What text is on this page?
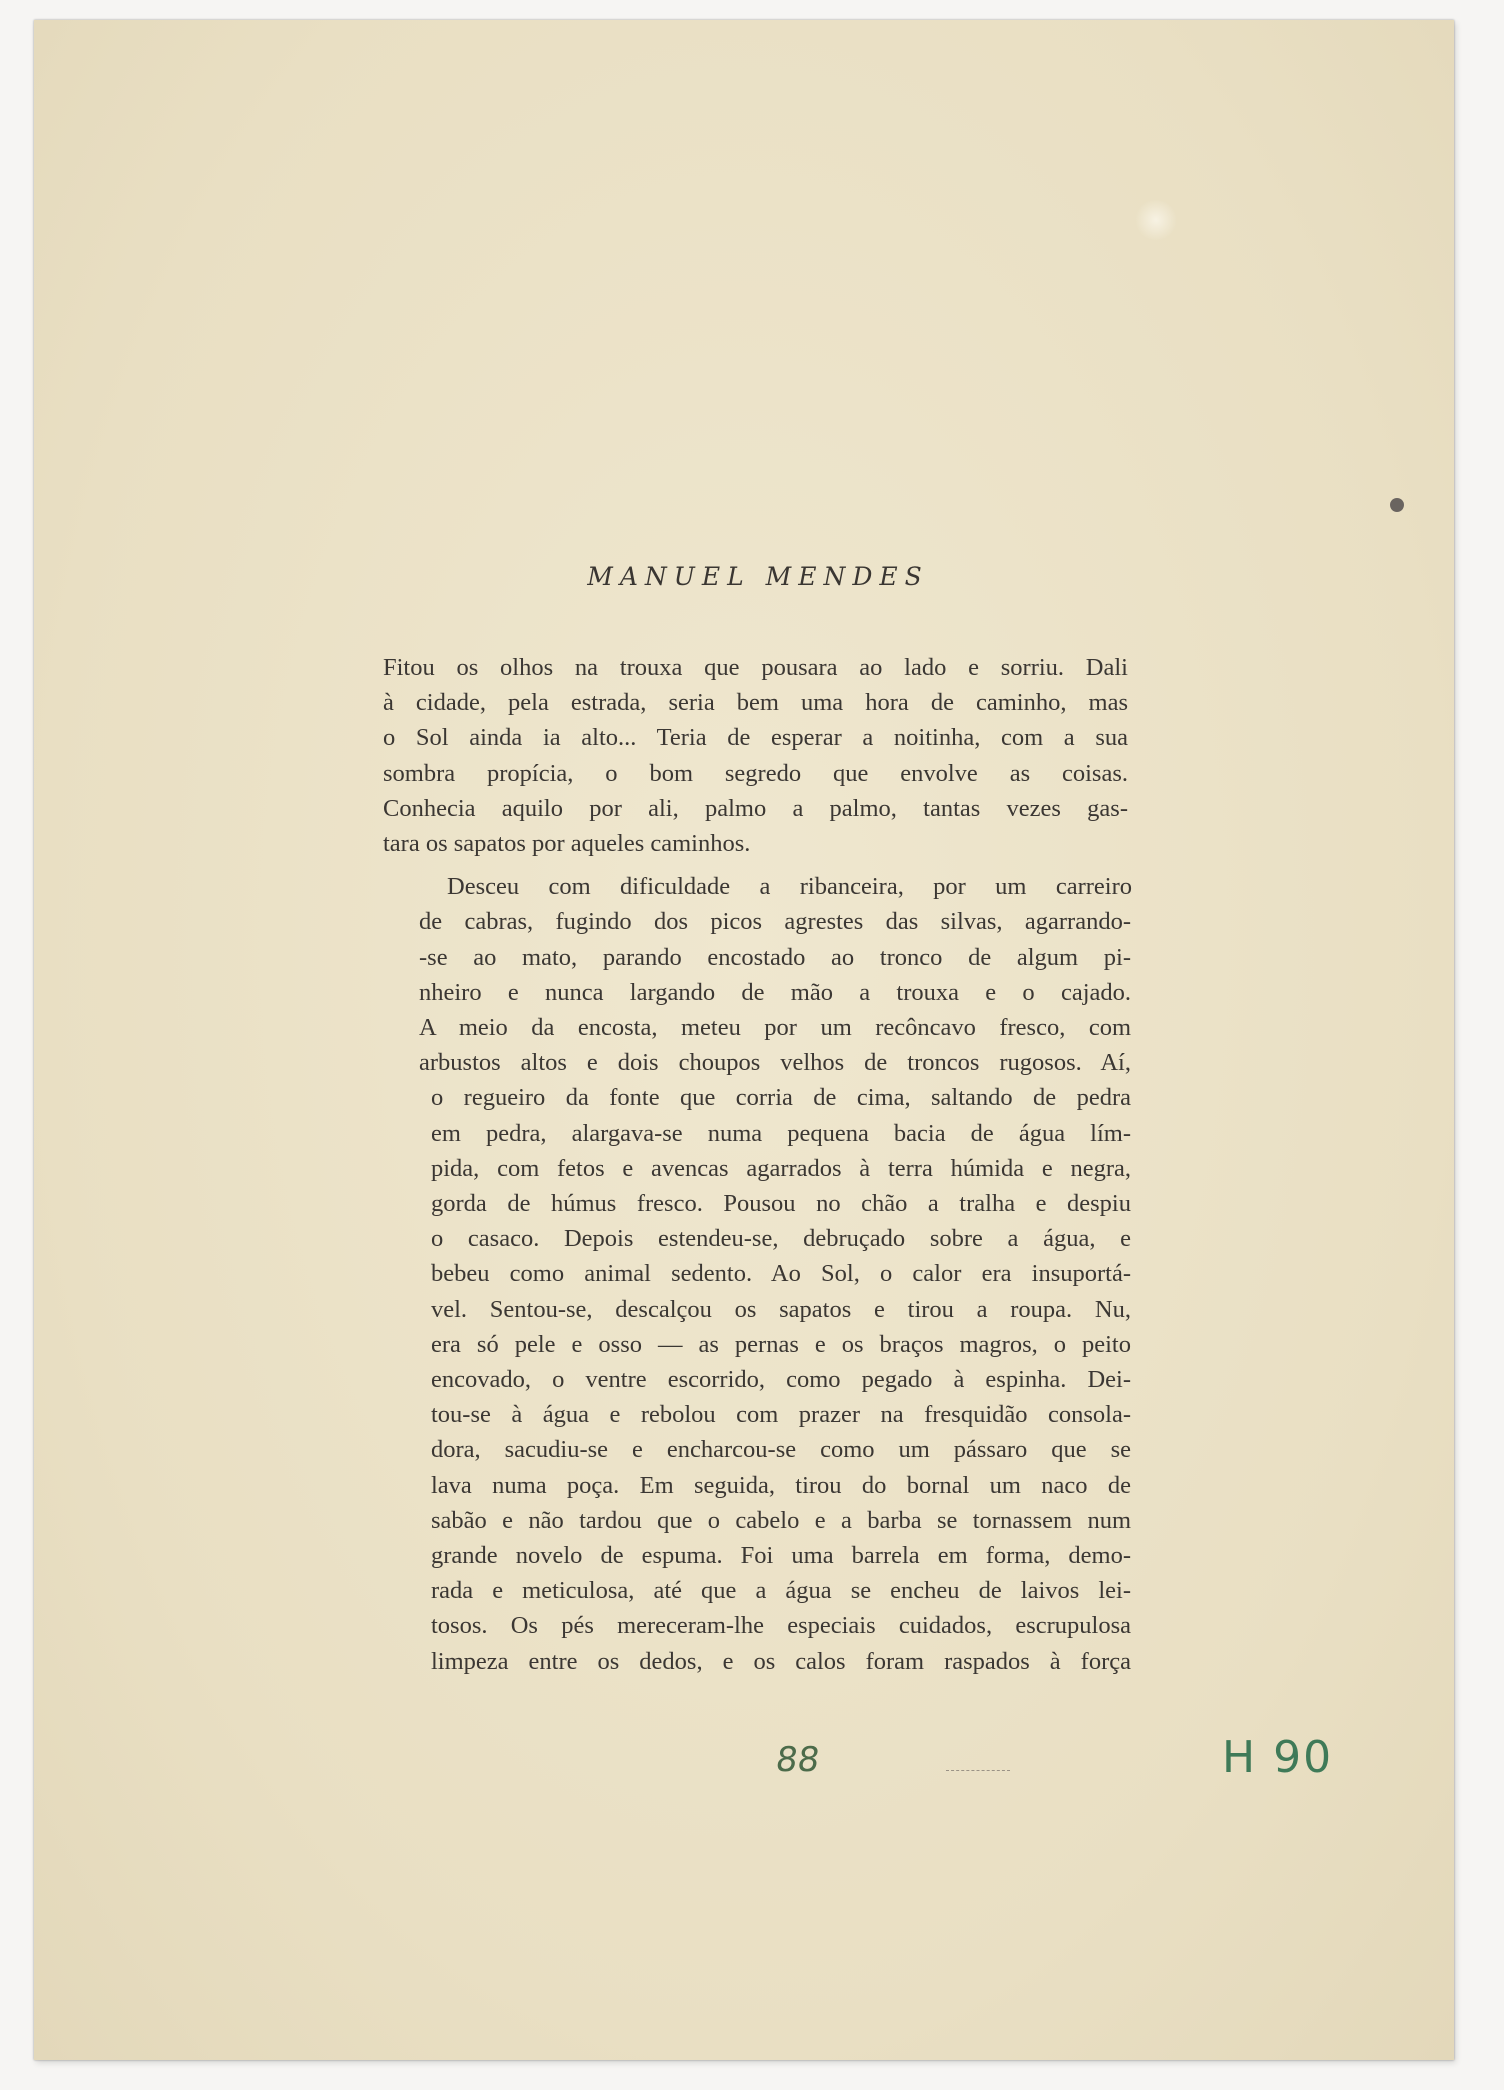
MANUEL MENDES
Fitou os olhos na trouxa que pousara ao lado e sorriu. Dali
à cidade, pela estrada, seria bem uma hora de caminho, mas
o Sol ainda ia alto... Teria de esperar a noitinha, com a sua
sombra propícia, o bom segredo que envolve as coisas.
Conhecia aquilo por ali, palmo a palmo, tantas vezes gas-
tara os sapatos por aqueles caminhos.
Desceu com dificuldade a ribanceira, por um carreiro
de cabras, fugindo dos picos agrestes das silvas, agarrando-
-se ao mato, parando encostado ao tronco de algum pi-
nheiro e nunca largando de mão a trouxa e o cajado.
A meio da encosta, meteu por um recôncavo fresco, com
arbustos altos e dois choupos velhos de troncos rugosos. Aí,
o regueiro da fonte que corria de cima, saltando de pedra
em pedra, alargava-se numa pequena bacia de água lím-
pida, com fetos e avencas agarrados à terra húmida e negra,
gorda de húmus fresco. Pousou no chão a tralha e despiu
o casaco. Depois estendeu-se, debruçado sobre a água, e
bebeu como animal sedento. Ao Sol, o calor era insuportá-
vel. Sentou-se, descalçou os sapatos e tirou a roupa. Nu,
era só pele e osso — as pernas e os braços magros, o peito
encovado, o ventre escorrido, como pegado à espinha. Dei-
tou-se à água e rebolou com prazer na fresquidão consola-
dora, sacudiu-se e encharcou-se como um pássaro que se
lava numa poça. Em seguida, tirou do bornal um naco de
sabão e não tardou que o cabelo e a barba se tornassem num
grande novelo de espuma. Foi uma barrela em forma, demo-
rada e meticulosa, até que a água se encheu de laivos lei-
tosos. Os pés mereceram-lhe especiais cuidados, escrupulosa
limpeza entre os dedos, e os calos foram raspados à força
88	H 90
